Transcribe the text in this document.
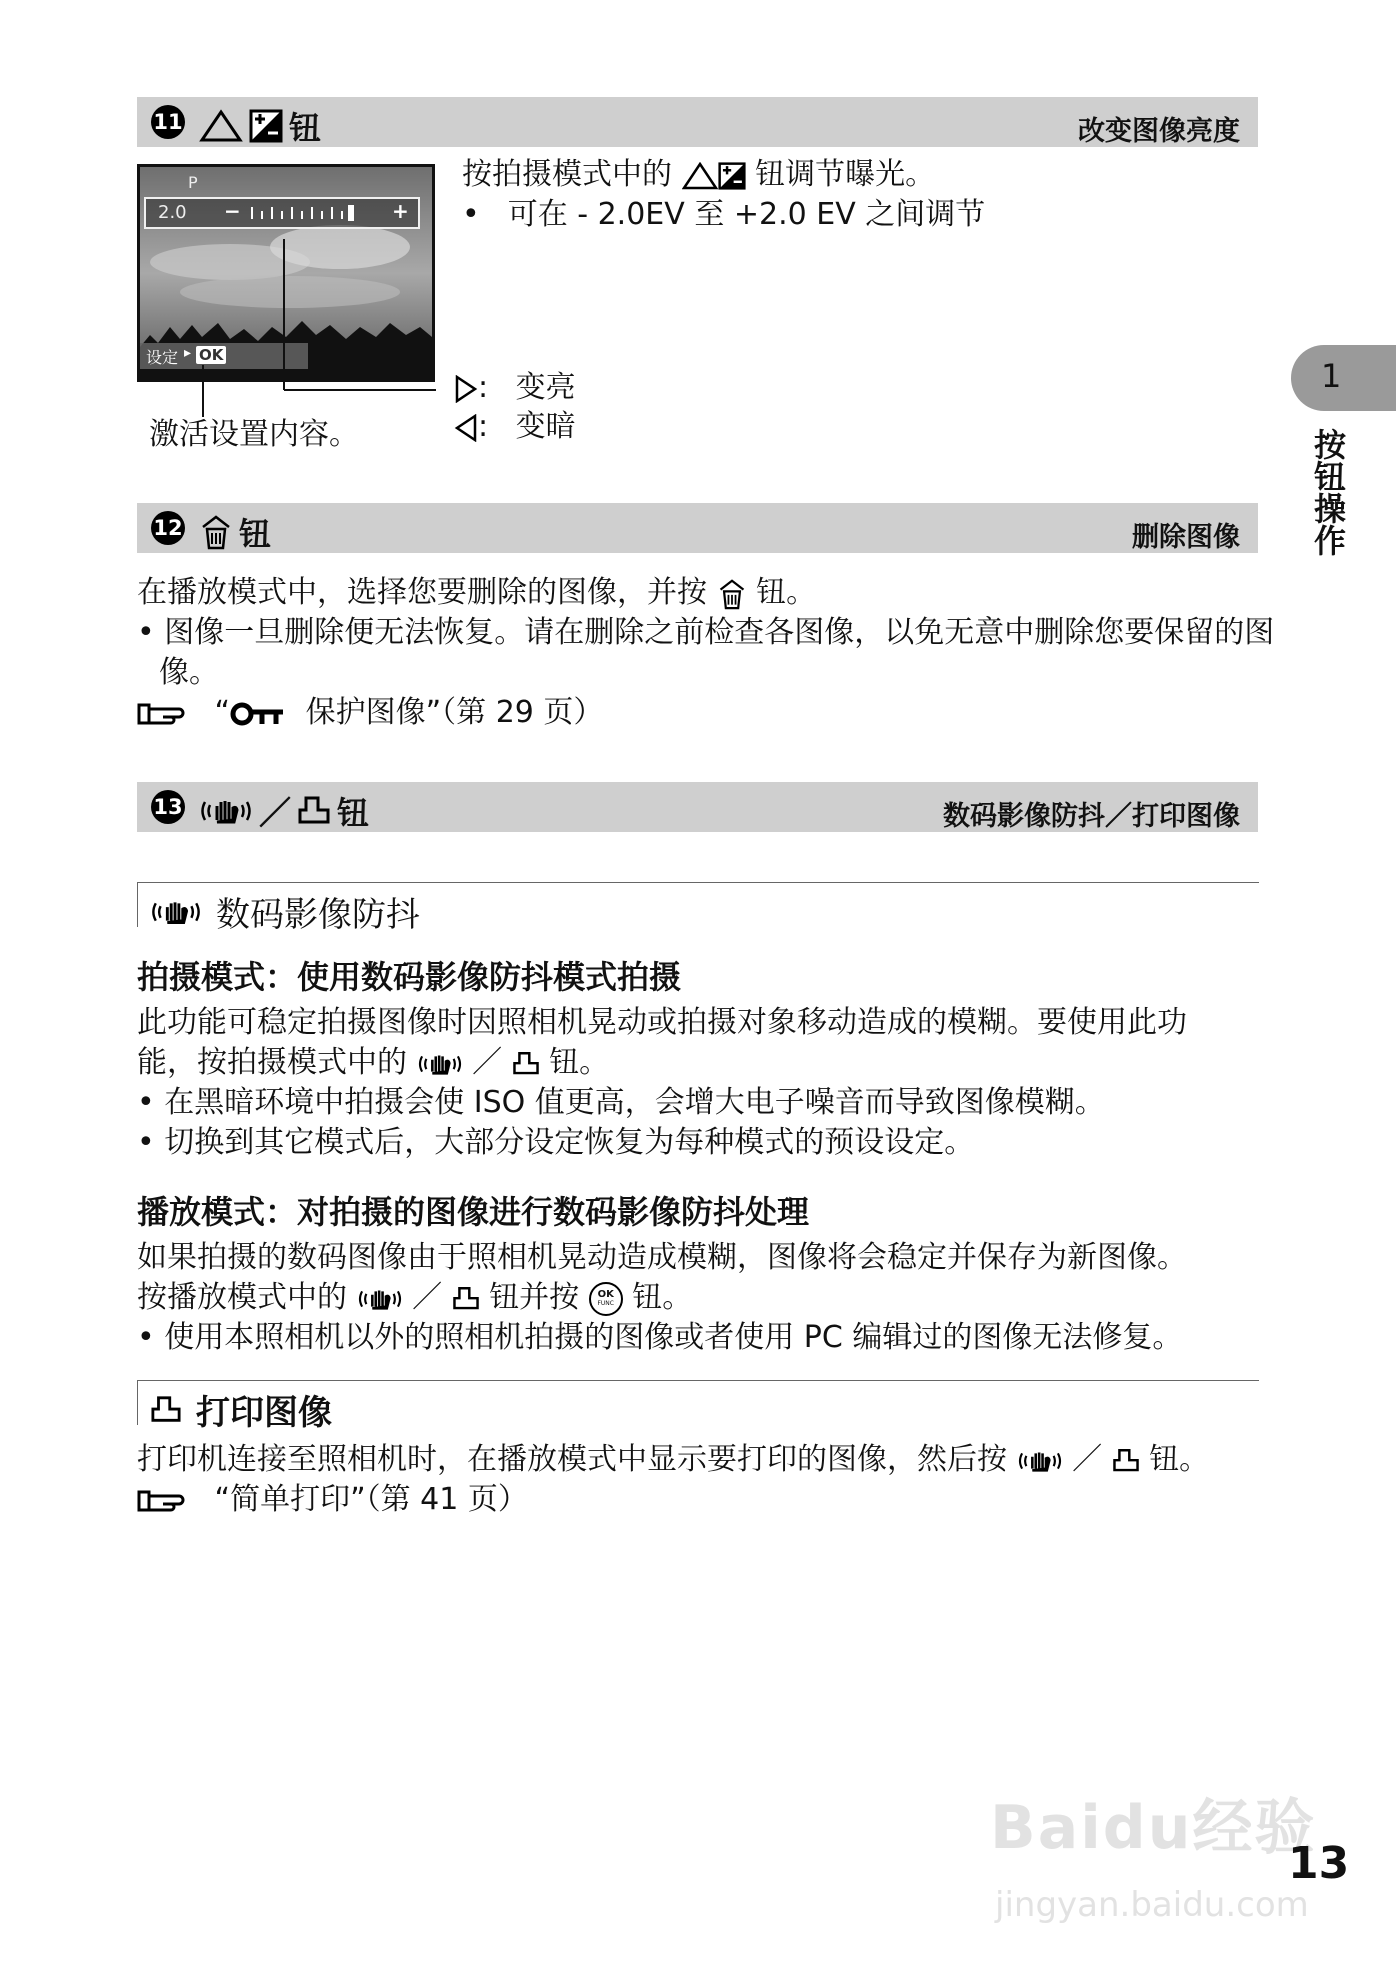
11	钮	改变图像亮度
P
2.0 −	+
设定 ▸ OK
激活设置内容。
: 变亮
: 变暗
按拍摄模式中的	钮调节曝光。
• 可在 - 2.0EV 至 +2.0 EV 之间调节
12 钮	删除图像
在播放模式中，选择您要删除的图像，并按 钮。
• 图像一旦删除便无法恢复。请在删除之前检查各图像，以免无意中删除您要保留的图像。
“	保护图像”（第 29 页）
13 ／ 钮	数码影像防抖／打印图像
数码影像防抖
拍摄模式：使用数码影像防抖模式拍摄
此功能可稳定拍摄图像时因照相机晃动或拍摄对象移动造成的模糊。要使用此功
能，按拍摄模式中的 ／ 钮。
• 在黑暗环境中拍摄会使 ISO 值更高，会增大电子噪音而导致图像模糊。
• 切换到其它模式后，大部分设定恢复为每种模式的预设设定。
播放模式：对拍摄的图像进行数码影像防抖处理
如果拍摄的数码图像由于照相机晃动造成模糊，图像将会稳定并保存为新图像。
按播放模式中的 ／ 钮并按	OK
FUNC 钮。
• 使用本照相机以外的照相机拍摄的图像或者使用 PC 编辑过的图像无法修复。
打印图像
打印机连接至照相机时，在播放模式中显示要打印的图像，然后按 ／ 钮。
“简单打印”（第 41 页）
1
按钮操作
Baidu经验
jingyan.baidu.com
13
